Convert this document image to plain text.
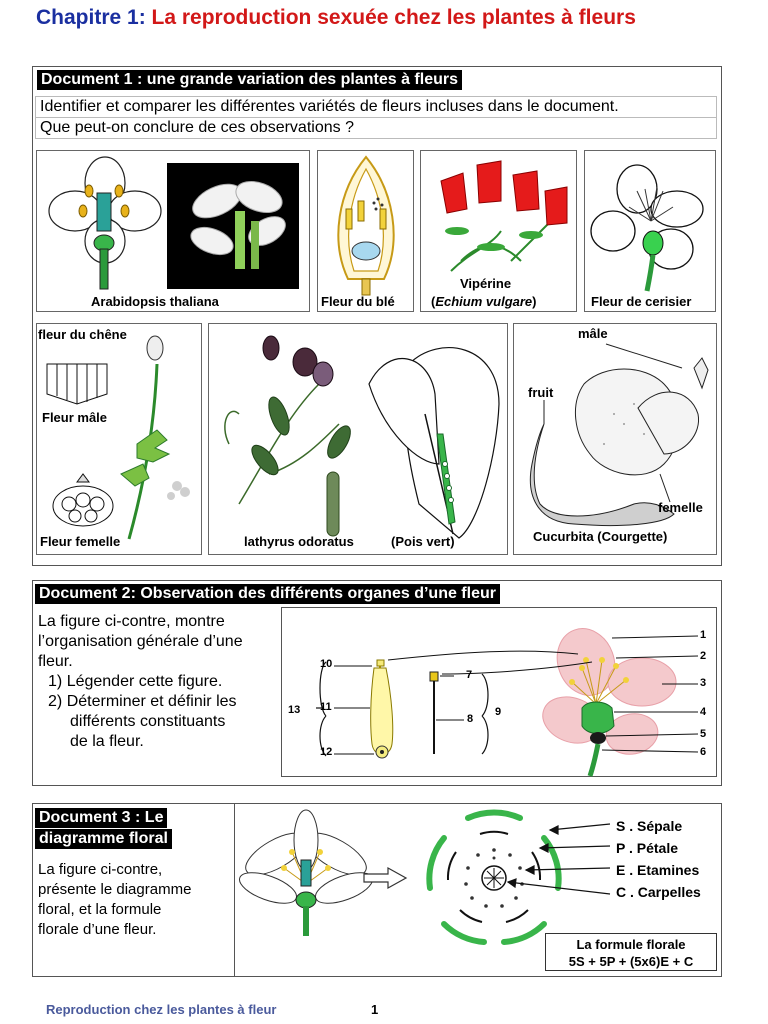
Chapitre 1: La reproduction sexuée chez les plantes à fleurs
Document 1 : une grande variation des plantes à fleurs
Identifier et comparer les différentes variétés de fleurs incluses dans le document.
Que peut-on conclure de ces observations ?
Arabidopsis thaliana	Fleur du blé
Vipérine
(Echium vulgare)	Fleur de cerisier
fleur du chêne
Fleur mâle
Fleur femelle	lathyrus odoratus	(Pois vert)
mâle
fruit
femelle
Cucurbita (Courgette)
Document 2: Observation des différents organes d’une fleur
La figure ci-contre, montre
l’organisation générale d’une
fleur.
1) Légender cette figure.
2) Déterminer et définir les
différents constituants
de la fleur.
1
2
3
4
5
6
7
8
9
10
11
12
13
Document 3 : Le
diagramme floral
La figure ci-contre,
présente le diagramme
floral, et la formule
florale d’une fleur.
S . Sépale
P . Pétale
E . Etamines
C . Carpelles
La formule florale
5S + 5P + (5x6)E + C
Reproduction chez les plantes à fleur	1
